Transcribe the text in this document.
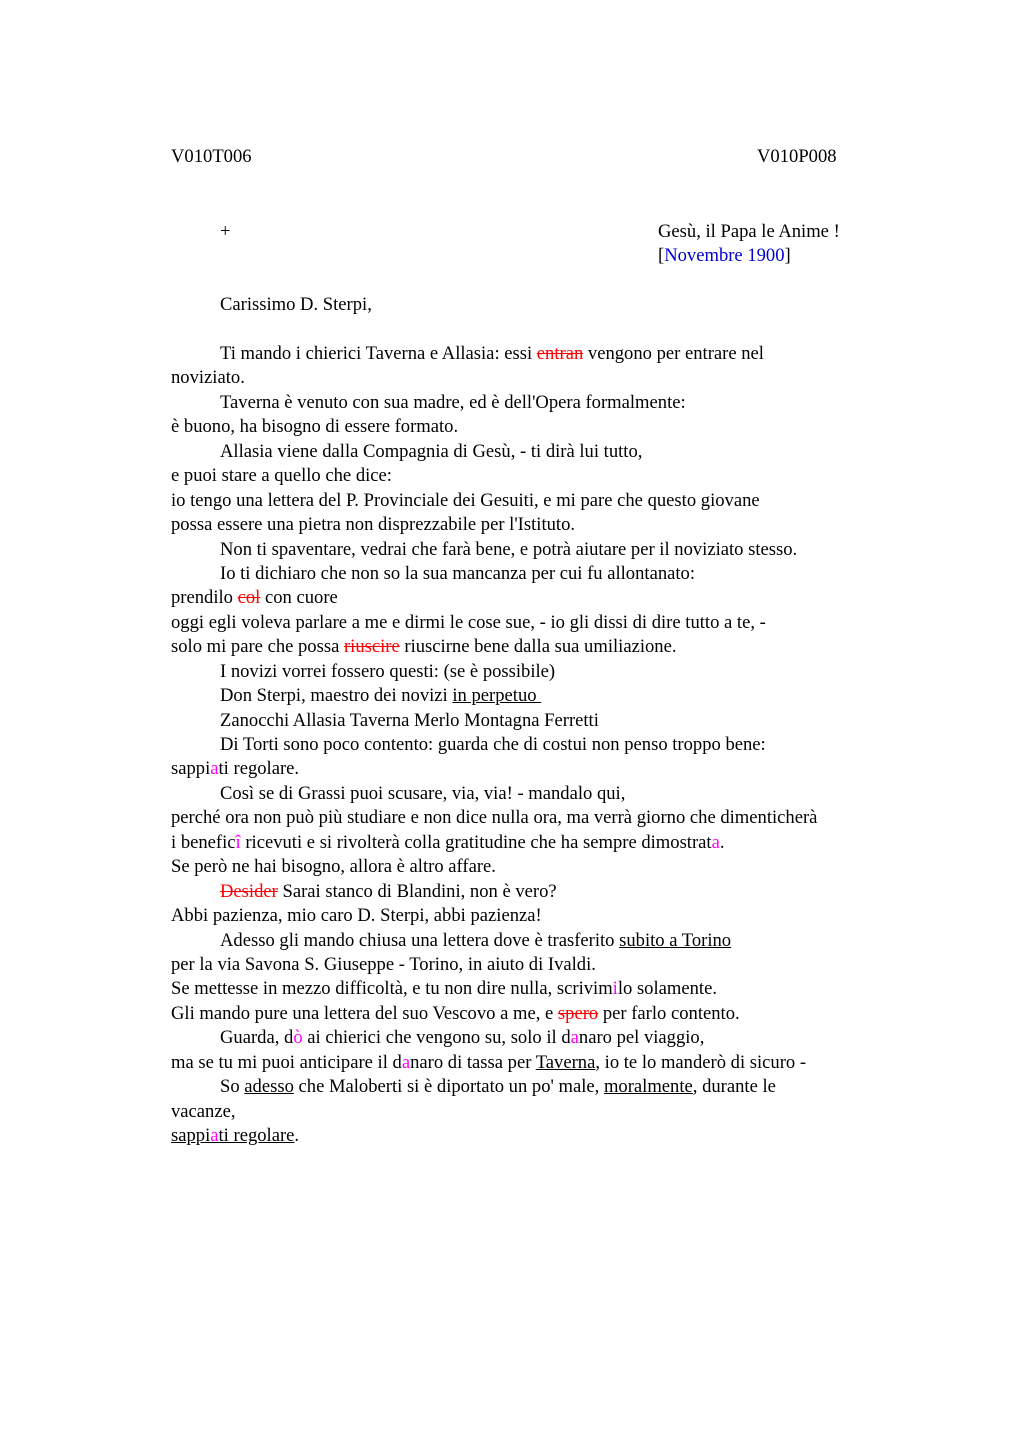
V010T006	V010P008
+	Gesù, il Papa le Anime !
[Novembre 1900]
Carissimo D. Sterpi,
Ti mando i chierici Taverna e Allasia: essi entran vengono per entrare nel
noviziato.
Taverna è venuto con sua madre, ed è dell'Opera formalmente:
è buono, ha bisogno di essere formato.
Allasia viene dalla Compagnia di Gesù, - ti dirà lui tutto,
e puoi stare a quello che dice:
io tengo una lettera del P. Provinciale dei Gesuiti, e mi pare che questo giovane
possa essere una pietra non disprezzabile per l'Istituto.
Non ti spaventare, vedrai che farà bene, e potrà aiutare per il noviziato stesso.
Io ti dichiaro che non so la sua mancanza per cui fu allontanato:
prendilo col con cuore
oggi egli voleva parlare a me e dirmi le cose sue, - io gli dissi di dire tutto a te, -
solo mi pare che possa riuscire riuscirne bene dalla sua umiliazione.
I novizi vorrei fossero questi: (se è possibile)
Don Sterpi, maestro dei novizi in perpetuo
Zanocchi Allasia Taverna Merlo Montagna Ferretti
Di Torti sono poco contento: guarda che di costui non penso troppo bene:
sappiati regolare.
Così se di Grassi puoi scusare, via, via! - mandalo qui,
perché ora non può più studiare e non dice nulla ora, ma verrà giorno che dimenticherà
i beneficî ricevuti e si rivolterà colla gratitudine che ha sempre dimostrata.
Se però ne hai bisogno, allora è altro affare.
Desider Sarai stanco di Blandini, non è vero?
Abbi pazienza, mio caro D. Sterpi, abbi pazienza!
Adesso gli mando chiusa una lettera dove è trasferito subito a Torino
per la via Savona S. Giuseppe - Torino, in aiuto di Ivaldi.
Se mettesse in mezzo difficoltà, e tu non dire nulla, scrivimilo solamente.
Gli mando pure una lettera del suo Vescovo a me, e spero per farlo contento.
Guarda, dò ai chierici che vengono su, solo il danaro pel viaggio,
ma se tu mi puoi anticipare il danaro di tassa per Taverna, io te lo manderò di sicuro -
So adesso che Maloberti si è diportato un po' male, moralmente, durante le
vacanze,
sappiati regolare.
